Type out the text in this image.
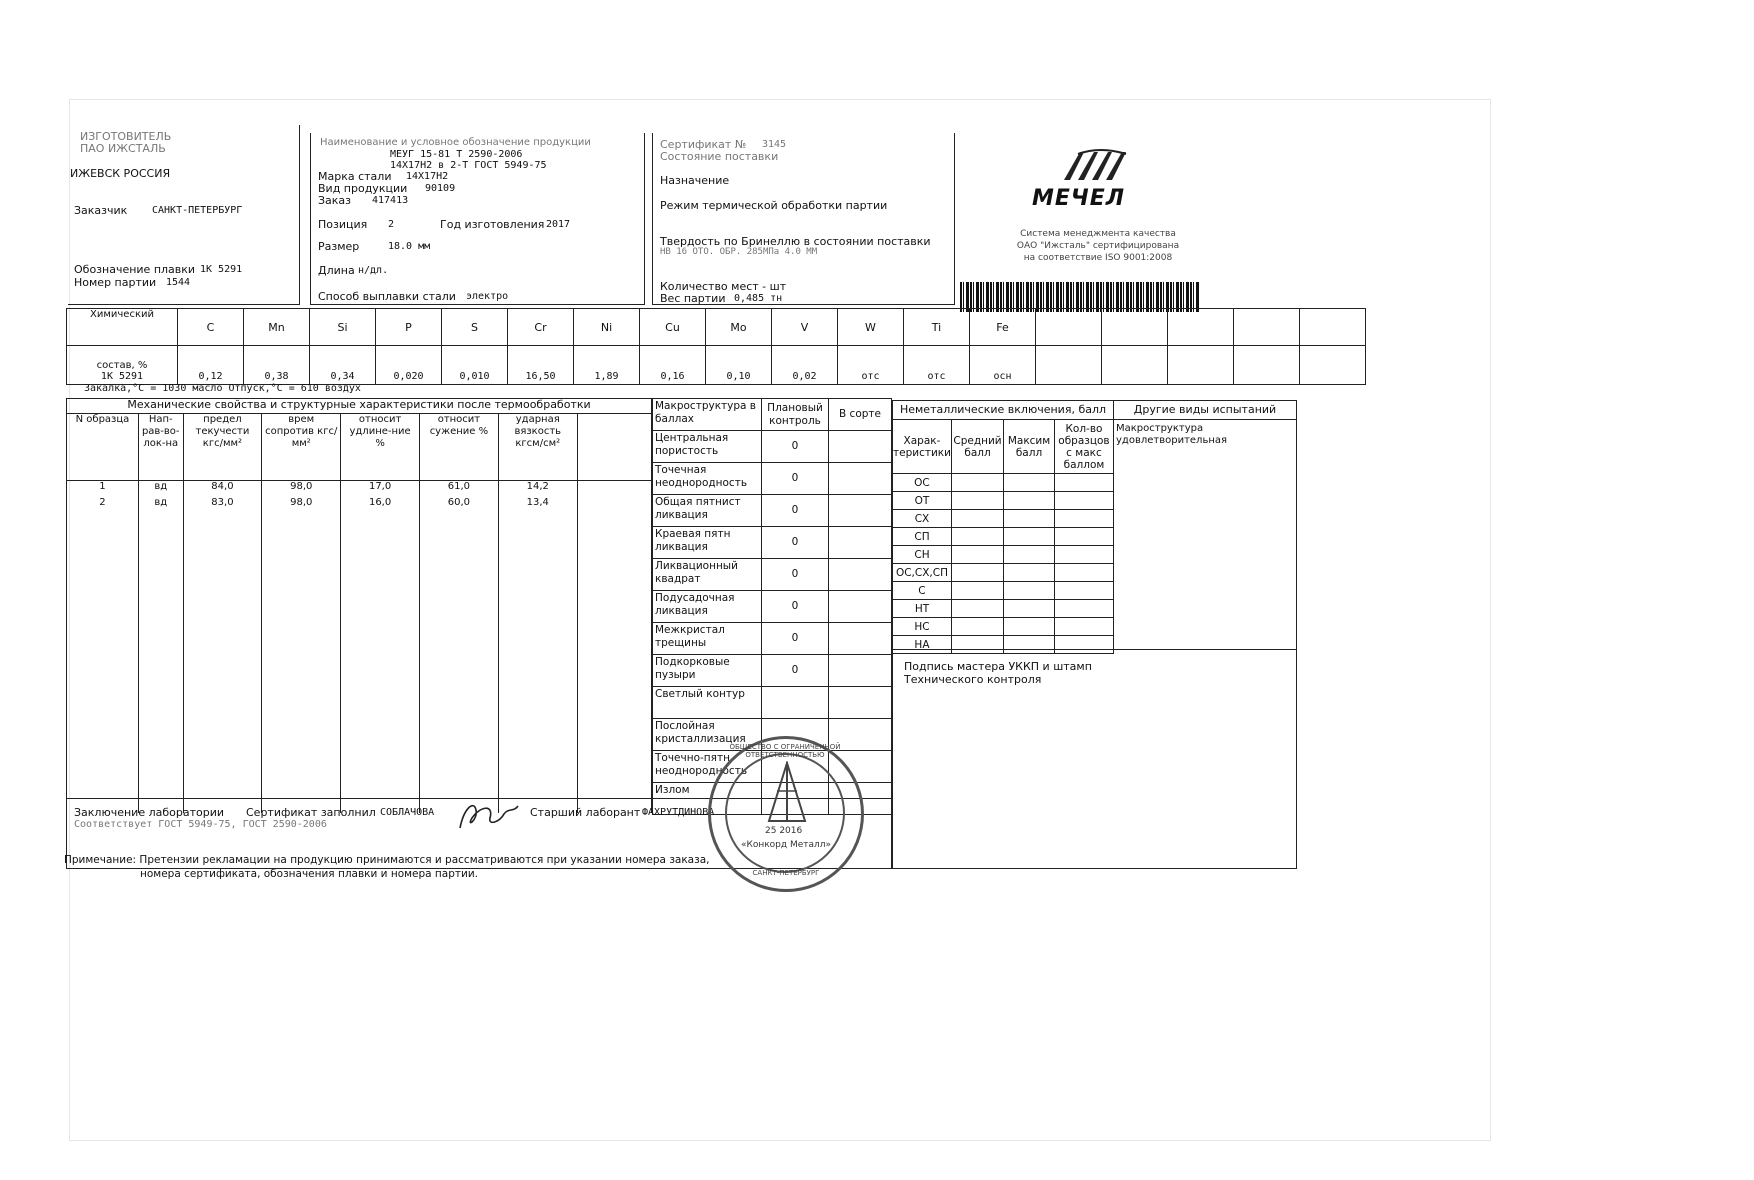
ИЗГОТОВИТЕЛЬ
ПАО ИЖСТАЛЬ
ИЖЕВСК РОССИЯ
Заказчик САНКТ-ПЕТЕРБУРГ
Обозначение плавки 1К 5291
Номер партии 1544
Наименование и условное обозначение продукции
МЕУГ 15-81 Т 2590-2006
14Х17Н2 в 2-Т ГОСТ 5949-75
Марка стали 14Х17Н2
Вид продукции 90109
Заказ 417413
Позиция 2	Год изготовления 2017
Размер	18.0 мм
Длина н/дл.
Способ выплавки стали электро
Сертификат № 3145
Состояние поставки
Назначение
Режим термической обработки партии
Твердость по Бринеллю в состоянии поставки
НВ 16 ОТО. ОБР. 285МПа 4.0 ММ
Количество мест - шт
Вес партии 0,485 тн
МЕЧЕЛ
Система менеджмента качества
ОАО "Ижсталь" сертифицирована
на соответствие ISO 9001:2008
Химический	C	Mn	Si	P	S	Cr	Ni	Cu	Mo	V	W	Ti	Fe					

состав, %
1К 5291	0,12	0,38	0,34	0,020	0,010	16,50	1,89	0,16	0,10	0,02	отс	отс	осн					
Закалка,°С = 1030 масло Отпуск,°С = 610 воздух
Механические свойства и структурные характеристики после термообработки							
N образца	Нап-рав-во-лок-на	предел текучести кгс/мм²	врем сопротив кгс/мм²	относит удлине-ние %	относит сужение %	ударная вязкость кгсм/см²	
1	вд	84,0	98,0	17,0	61,0	14,2	
2	вд	83,0	98,0	16,0	60,0	13,4	

Макроструктура в баллах	Плановый контроль	В сорте
Центральная пористость	0	
Точечная неоднородность	0	
Общая пятнист ликвация	0	
Краевая пятн ликвация	0	
Ликвационный квадрат	0	
Подусадочная ликвация	0	
Межкристал трещины	0	
Подкорковые пузыри	0	
Светлый контур		
Послойная кристаллизация		
Точечно-пятн. неоднородность		
Излом		
Неметаллические включения, балл
Харак-теристики	Средний балл	Максим балл	Кол-во образцов с макс баллом
ОС			
ОТ			
СХ			
СП			
СН			
ОС,СХ,СП			
С			
НТ			
НС			
НА			
Другие виды испытаний
Макроструктура
удовлетворительная
Подпись мастера УККП и штамп
Технического контроля
Заключение лаборатории
Соответствует ГОСТ 5949-75, ГОСТ 2590-2006
Сертификат заполнил СОБЛАЧОВА	Старший лаборант ФАХРУТДИНОВА
Примечание: Претензии рекламации на продукцию принимаются и рассматриваются при указании номера заказа,
номера сертификата, обозначения плавки и номера партии.
ОБЩЕСТВО С ОГРАНИЧЕННОЙ ОТВЕТСТВЕННОСТЬЮ
25 2016
«Конкорд Металл»
САНКТ-ПЕТЕРБУРГ
